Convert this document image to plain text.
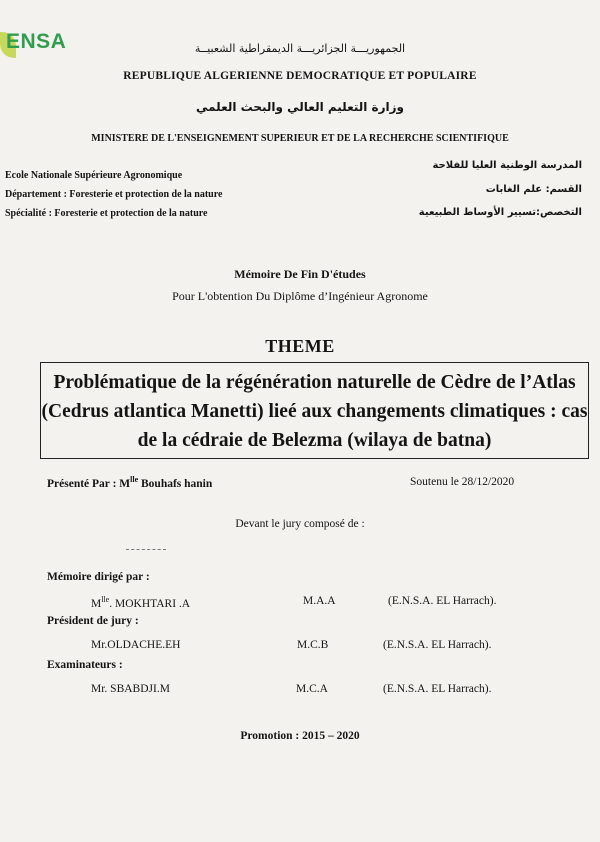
ENSA	الجمهوريـــة الجزائريـــة الديمقراطية الشعبيــة
REPUBLIQUE ALGERIENNE DEMOCRATIQUE ET POPULAIRE
وزارة التعليم العالي والبحث العلمي
MINISTERE DE L'ENSEIGNEMENT SUPERIEUR ET DE LA RECHERCHE SCIENTIFIQUE
Ecole Nationale Supérieure Agronomique
Département : Foresterie et protection de la nature
Spécialité : Foresterie et protection de la nature
المدرسة الوطنية العليا للفلاحة
القسم: علم الغابات
التخصص:تسيير الأوساط الطبيعية
Mémoire De Fin D'études
Pour L'obtention Du Diplôme d’Ingénieur Agronome
THEME
Problématique de la régénération naturelle de Cèdre de l’Atlas (Cedrus atlantica Manetti) lieé aux changements climatiques : cas de la cédraie de Belezma (wilaya de batna)
Présenté Par : $M^{lle}$ Bouhafs hanin	Soutenu le 28/12/2020
Devant le jury composé de :
Mémoire dirigé par :
$M^{lle}$. MOKHTARI .A	M.A.A	(E.N.S.A. EL Harrach).
Président de jury :
Mr.OLDACHE.EH	M.C.B	(E.N.S.A. EL Harrach).
Examinateurs :
Mr. SBABDJI.M	M.C.A	(E.N.S.A. EL Harrach).
Promotion : 2015 – 2020
